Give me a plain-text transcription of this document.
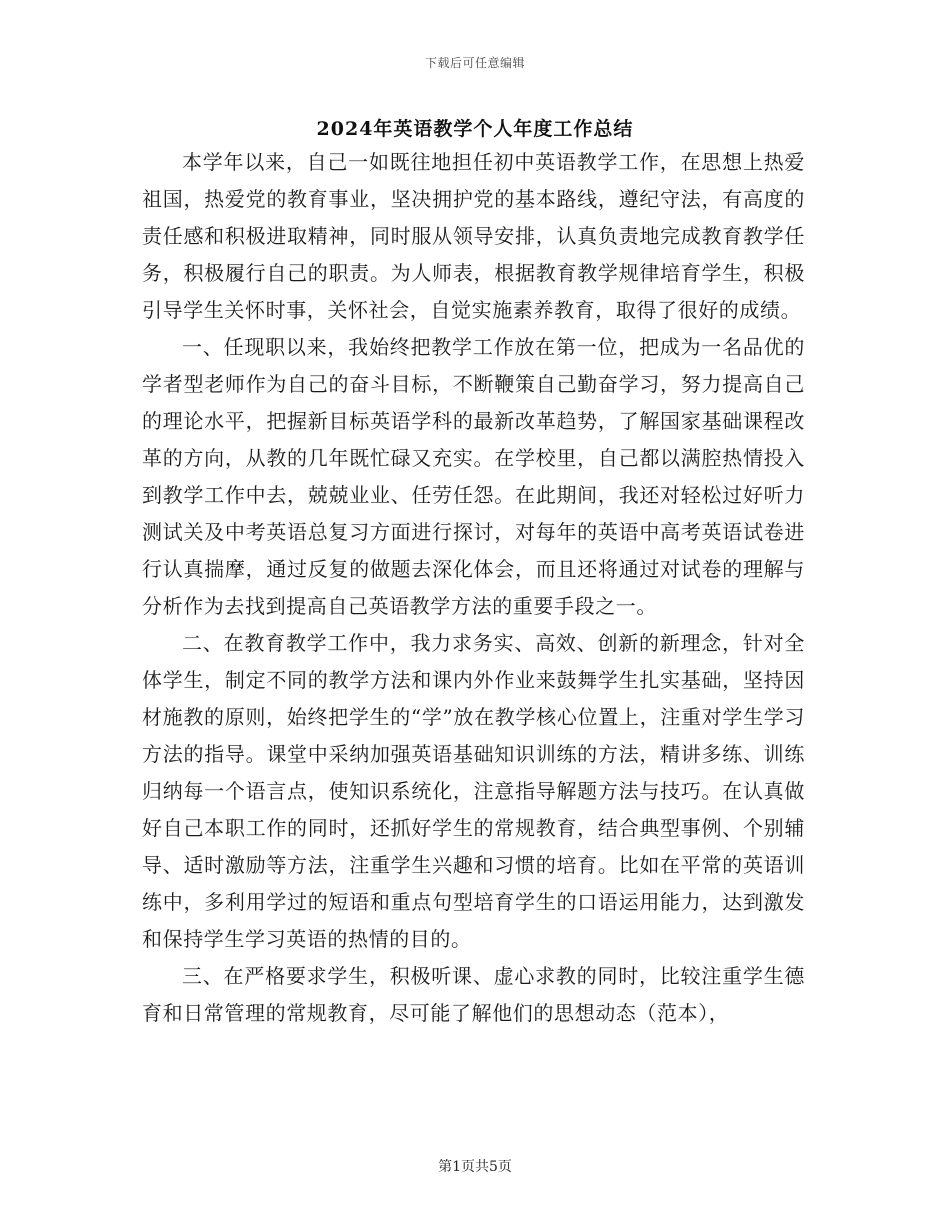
下载后可任意编辑
2024年英语教学个人年度工作总结

本学年以来，自己一如既往地担任初中英语教学工作，在思想上热爱祖国，热爱党的教育事业，坚决拥护党的基本路线，遵纪守法，有高度的责任感和积极进取精神，同时服从领导安排，认真负责地完成教育教学任务，积极履行自己的职责。为人师表，根据教育教学规律培育学生，积极引导学生关怀时事，关怀社会，自觉实施素养教育，取得了很好的成绩。

一、任现职以来，我始终把教学工作放在第一位，把成为一名品优的学者型老师作为自己的奋斗目标，不断鞭策自己勤奋学习，努力提高自己的理论水平，把握新目标英语学科的最新改革趋势，了解国家基础课程改革的方向，从教的几年既忙碌又充实。在学校里，自己都以满腔热情投入到教学工作中去，兢兢业业、任劳任怨。在此期间，我还对轻松过好听力测试关及中考英语总复习方面进行探讨，对每年的英语中高考英语试卷进行认真揣摩，通过反复的做题去深化体会，而且还将通过对试卷的理解与分析作为去找到提高自己英语教学方法的重要手段之一。

二、在教育教学工作中，我力求务实、高效、创新的新理念，针对全体学生，制定不同的教学方法和课内外作业来鼓舞学生扎实基础，坚持因材施教的原则，始终把学生的“学”放在教学核心位置上，注重对学生学习方法的指导。课堂中采纳加强英语基础知识训练的方法，精讲多练、训练归纳每一个语言点，使知识系统化，注意指导解题方法与技巧。在认真做好自己本职工作的同时，还抓好学生的常规教育，结合典型事例、个别辅导、适时激励等方法，注重学生兴趣和习惯的培育。比如在平常的英语训练中，多利用学过的短语和重点句型培育学生的口语运用能力，达到激发和保持学生学习英语的热情的目的。

三、在严格要求学生，积极听课、虚心求教的同时，比较注重学生德育和日常管理的常规教育，尽可能了解他们的思想动态（范本），

第1页共5页
